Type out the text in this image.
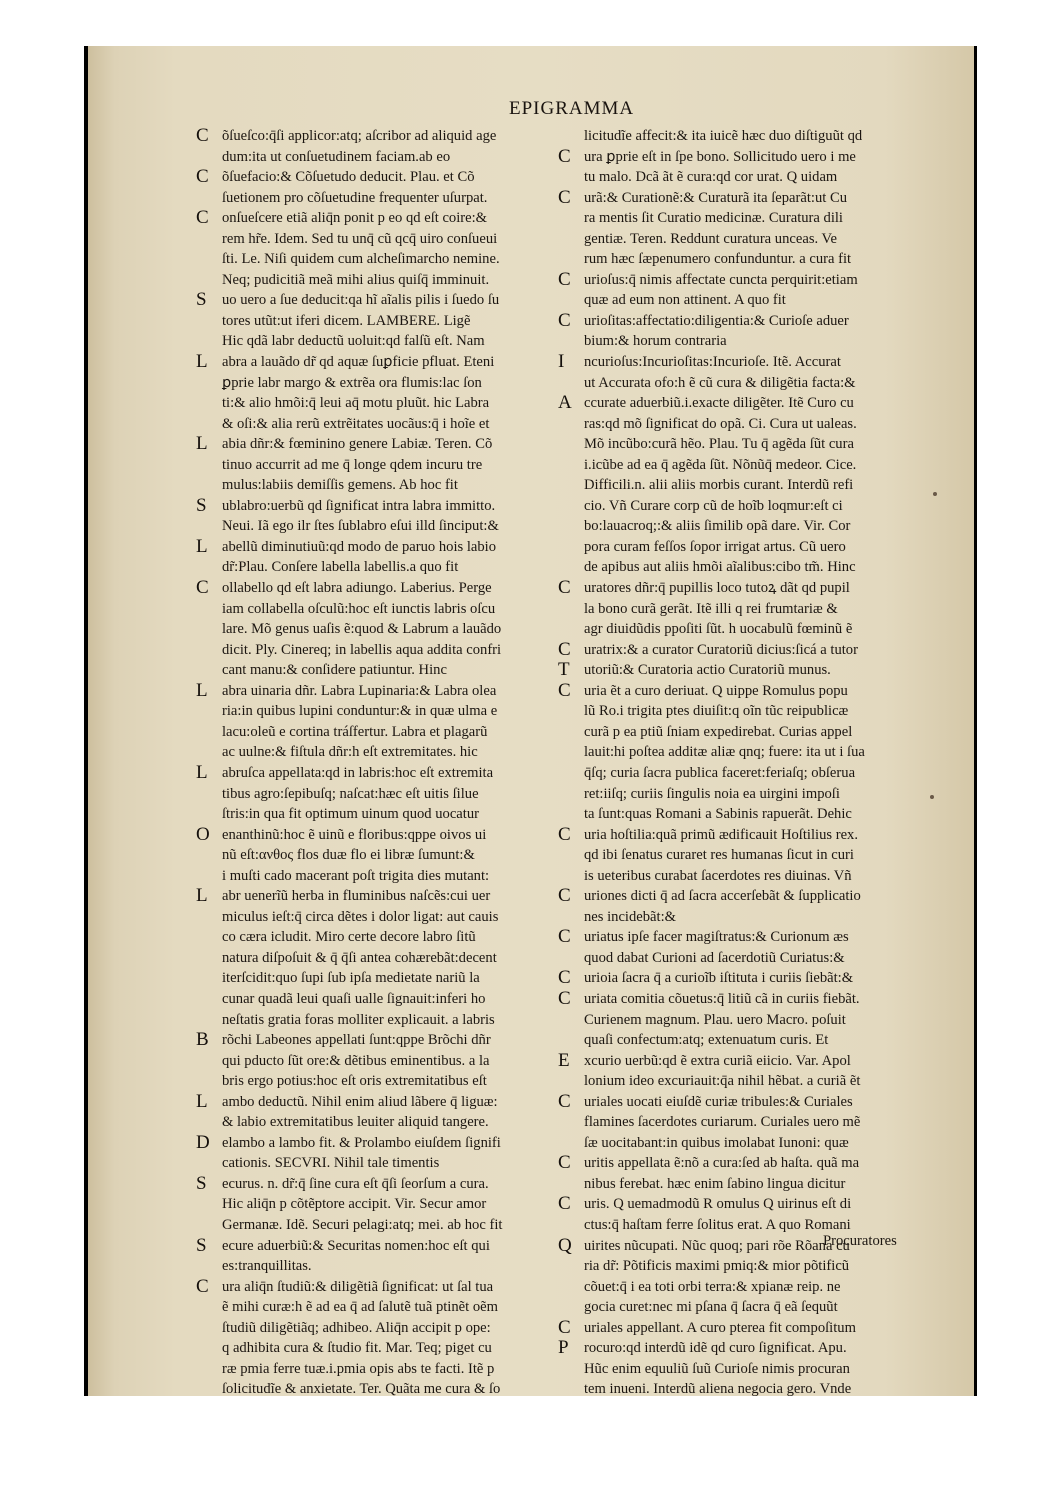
EPIGRAMMA
C õſueſco:q̄ſi applicor:atq; aſcribor ad aliquid age
dum:ita ut conſuetudinem faciam.ab eo
C õſuefacio:& Cõſuetudo deducit. Plau. et Cõ
ſuetionem pro cõſuetudine frequenter uſurpat.
C onſueſcere etiã aliq̄n ponit p eo qd eſt coire:&
rem hr̃e. Idem. Sed tu unq̄ cũ qcq̄ uiro conſueui
ſti. Le. Niſi quidem cum alcheſimarcho nemine.
Neq; pudicitiã meã mihi alius quiſq̄ imminuit.
S uo uero a ſue deducit:qa hĩ aĩalis pilis i ſuedo ſu
tores utũt:ut iferi dicem. LAMBERE. Ligẽ
Hic qdã labr deductũ uoluit:qd falſũ eſt. Nam
L abra a lauãdo dr̃ qd aquæ ſuꝑficie pfluat. Eteni
ꝑprie labr margo & extrẽa ora flumis:lac ſon
ti:& alio hmõi:q̄ leui aq̄ motu pluũt. hic Labra
& oſi:& alia rerũ extrẽitates uocãus:q̄ i hoĩe et
L abia dñr:& fœminino genere Labiæ. Teren. Cõ
tinuo accurrit ad me q̄ longe qdem incuru tre
mulus:labiis demiſſis gemens. Ab hoc fit
S ublabro:uerbũ qd ſignificat intra labra immitto.
Neui. Iã ego ilr ſtes ſublabro eſui illd ſinciput:&
L abellũ diminutiuũ:qd modo de paruo hois labio
dr̃:Plau. Conſere labella labellis.a quo fit
C ollabello qd eſt labra adiungo. Laberius. Perge
iam collabella oſculũ:hoc eſt iunctis labris oſcu
lare. Mõ genus uaſis ẽ:quod & Labrum a lauãdo
dicit. Ply. Cinereq; in labellis aqua addita confri
cant manu:& conſidere patiuntur. Hinc
L abra uinaria dñr. Labra Lupinaria:& Labra olea
ria:in quibus lupini conduntur:& in quæ ulma e
lacu:oleũ e cortina tráſfertur. Labra et plagarũ
ac uulne:& fiſtula dñr:h eſt extremitates. hic
L abruſca appellata:qd in labris:hoc eſt extremita
tibus agro:ſepibuſq; naſcat:hæc eſt uitis ſilue
ſtris:in qua fit optimum uinum quod uocatur
O enanthinũ:hoc ẽ uinũ e floribus:qppe oivos ui
nũ eſt:ανθος flos duæ flo ei libræ ſumunt:&
i muſti cado macerant poſt trigita dies mutant:
L abr uenerĩũ herba in fluminibus naſcẽs:cui uer
miculus ieſt:q̄ circa dẽtes i dolor ligat: aut cauis
co cæra icludit. Miro certe decore labro ſitũ
natura diſpoſuit & q̄ q̄ſi antea cohærebãt:decent
iterſcidit:quo ſupi ſub ipſa medietate nariũ la
cunar quadã leui quaſi ualle ſignauit:inferi ho
neſtatis gratia foras molliter explicauit. a labris
B rõchi Labeones appellati ſunt:qppe Brõchi dñr
qui pducto ſũt ore:& dẽtibus eminentibus. a la
bris ergo potius:hoc eſt oris extremitatibus eſt
L ambo deductũ. Nihil enim aliud lãbere q̄ liguæ:
& labio extremitatibus leuiter aliquid tangere.
D elambo a lambo fit. & Prolambo eiuſdem ſignifi
cationis. SECVRI. Nihil tale timentis
S ecurus. n. dr̃:q̄ ſine cura eſt q̄ſi ſeorſum a cura.
Hic aliq̄n p cõtẽptore accipit. Vir. Secur amor
Germanæ. Idẽ. Securi pelagi:atq; mei. ab hoc fit
S ecure aduerbiũ:& Securitas nomen:hoc eſt qui
es:tranquillitas.
C ura aliq̄n ſtudiũ:& diligẽtiã ſignificat: ut ſal tua
ẽ mihi curæ:h ẽ ad ea q̄ ad ſalutẽ tuã ptinẽt oẽm
ſtudiũ diligẽtiãq; adhibeo. Aliq̄n accipit p ope:
q adhibita cura & ſtudio fit. Mar. Teq; piget cu
ræ pmia ferre tuæ.i.pmia opis abs te facti. Itẽ p
ſolicitudĩe & anxietate. Ter. Quãta me cura & ſo
licitudĩe affecit:& ita iuicẽ hæc duo diſtiguũt qd
C ura ꝑprie eſt in ſpe bono. Sollicitudo uero i me
tu malo. Dcã ãt ẽ cura:qd cor urat. Q uidam
C urã:& Curationẽ:& Curaturã ita ſeparãt:ut Cu
ra mentis ſit Curatio medicinæ. Curatura dili
gentiæ. Teren. Reddunt curatura unceas. Ve
rum hæc ſæpenumero confunduntur. a cura fit
C urioſus:q̄ nimis affectate cuncta perquirit:etiam
quæ ad eum non attinent. A quo fit
C urioſitas:affectatio:diligentia:& Curioſe aduer
bium:& horum contraria
I ncurioſus:Incurioſitas:Incurioſe. Itẽ. Accurat
ut Accurata ofo:h ẽ cũ cura & diligẽtia facta:&
A ccurate aduerbiũ.i.exacte diligẽter. Itẽ Curo cu
ras:qd mõ ſignificat do opã. Ci. Cura ut ualeas.
Mõ incũbo:curã hẽo. Plau. Tu q̄ agẽda ſũt cura
i.icũbe ad ea q̄ agẽda ſũt. Nõnũq̄ medeor. Cice.
Difficili.n. alii aliis morbis curant. Interdũ refi
cio. Vñ Curare corp cũ de hoĩb loqmur:eſt ci
bo:lauacroq;:& aliis ſimilib opã dare. Vir. Cor
pora curam feſſos ſopor irrigat artus. Cũ uero
de apibus aut aliis hmõi aĩalibus:cibo tm̃. Hinc
C uratores dñr:q̄ pupillis loco tutoꝝ dãt qd pupil
la bono curã gerãt. Itẽ illi q rei frumtariæ &
agr diuidũdis ppoſiti ſũt. h uocabulũ fœminũ ẽ
C uratrix:& a curator Curatoriũ dicius:ſicá a tutor
T utoriũ:& Curatoria actio Curatoriũ munus.
C uria ẽt a curo deriuat. Q uippe Romulus popu
lũ Ro.i trigita ptes diuiſit:q oĩn tũc reipublicæ
curã p ea ptiũ ſniam expedirebat. Curias appel
lauit:hi poſtea additæ aliæ qnq; fuere: ita ut i ſua
q̄ſq; curia ſacra publica faceret:feriaſq; obſerua
ret:iiſq; curiis ſingulis noia ea uirgini impoſi
ta ſunt:quas Romani a Sabinis rapuerãt. Dehic
C uria hoſtilia:quã primũ ædificauit Hoſtilius rex.
qd ibi ſenatus curaret res humanas ſicut in curi
is ueteribus curabat ſacerdotes res diuinas. Vñ
C uriones dicti q̄ ad ſacra accerſebãt & ſupplicatio
nes incidebãt:&
C uriatus ipſe facer magiſtratus:& Curionum æs
quod dabat Curioni ad ſacerdotiũ Curiatus:&
C urioia ſacra q̄ a curioĩb iſtituta i curiis ſiebãt:&
C uriata comitia cõuetus:q̄ litiũ cã in curiis fiebãt.
Curienem magnum. Plau. uero Macro. poſuit
quaſi confectum:atq; extenuatum curis. Et
E xcurio uerbũ:qd ẽ extra curiã eiicio. Var. Apol
lonium ideo excuriauit:q̄a nihil hẽbat. a curiã ẽt
C uriales uocati eiuſdẽ curiæ tribules:& Curiales
flamines ſacerdotes curiarum. Curiales uero mẽ
ſæ uocitabant:in quibus imolabat Iunoni: quæ
C uritis appellata ẽ:nõ a cura:ſed ab haſta. quã ma
nibus ferebat. hæc enim ſabino lingua dicitur
C uris. Q uemadmodũ R omulus Q uirinus eſt di
ctus:q̄ haſtam ferre ſolitus erat. A quo Romani
Q uirites nũcupati. Nũc quoq; pari rõe Rõana cu
ria dr̃: Põtificis maximi pmiq:& mior põtificũ
cõuet:q̄ i ea toti orbi terra:& xpianæ reip. ne
gocia curet:nec mi pſana q̄ ſacra q̄ eã ſequũt
C uriales appellant. A curo pterea fit compoſitum
P rocuro:qd interdũ idẽ qd curo ſignificat. Apu.
Hũc enim equuliũ ſuũ Curioſe nimis procuran
tem inueni. Interdũ aliena negocia gero. Vnde
Procuratores
